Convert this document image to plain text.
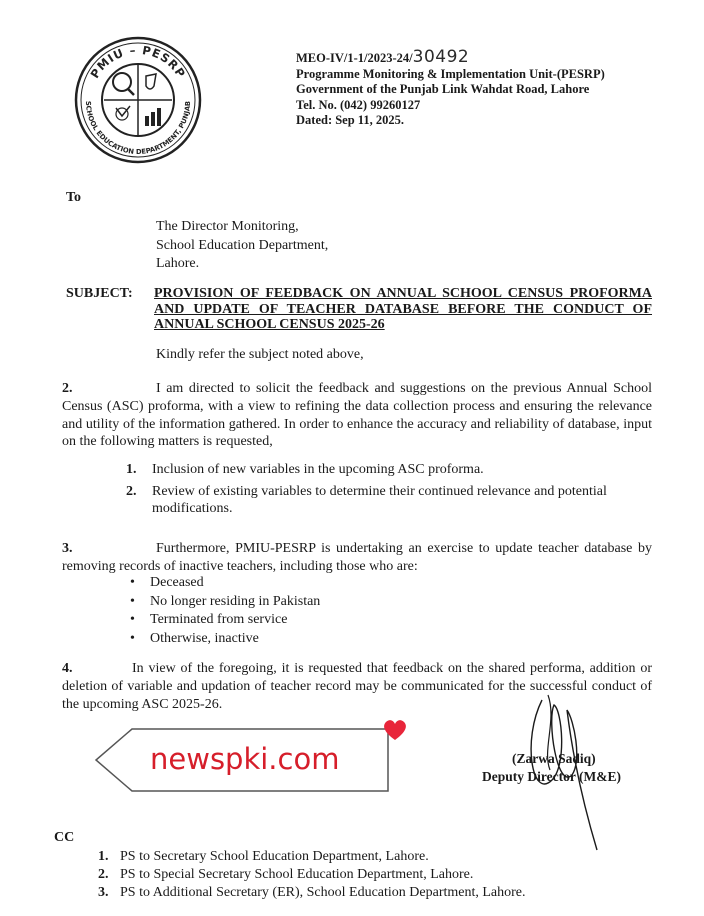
PMIU – PESRP
SCHOOL EDUCATION DEPARTMENT, PUNJAB
MEO-IV/1-1/2023-24/30492
Programme Monitoring & Implementation Unit-(PESRP)
Government of the Punjab Link Wahdat Road, Lahore
Tel. No. (042) 99260127
Dated: Sep 11, 2025.
To
The Director Monitoring,
School Education Department,
Lahore.
SUBJECT: PROVISION OF FEEDBACK ON ANNUAL SCHOOL CENSUS PROFORMA AND UPDATE OF TEACHER DATABASE BEFORE THE CONDUCT OF ANNUAL SCHOOL CENSUS 2025-26
Kindly refer the subject noted above,
2.	I am directed to solicit the feedback and suggestions on the previous Annual School Census (ASC) proforma, with a view to refining the data collection process and ensuring the relevance and utility of the information gathered. In order to enhance the accuracy and reliability of database, input on the following matters is requested,
1.	Inclusion of new variables in the upcoming ASC proforma.
2.	Review of existing variables to determine their continued relevance and potential modifications.
3.	Furthermore, PMIU-PESRP is undertaking an exercise to update teacher database by removing records of inactive teachers, including those who are:
•	Deceased
•	No longer residing in Pakistan
•	Terminated from service
•	Otherwise, inactive
4.	In view of the foregoing, it is requested that feedback on the shared performa, addition or deletion of variable and updation of teacher record may be communicated for the successful conduct of the upcoming ASC 2025-26.
(Zarwa Sadiq)
Deputy Director (M&E)
newspki.com
CC
1. PS to Secretary School Education Department, Lahore.
2. PS to Special Secretary School Education Department, Lahore.
3. PS to Additional Secretary (ER), School Education Department, Lahore.
